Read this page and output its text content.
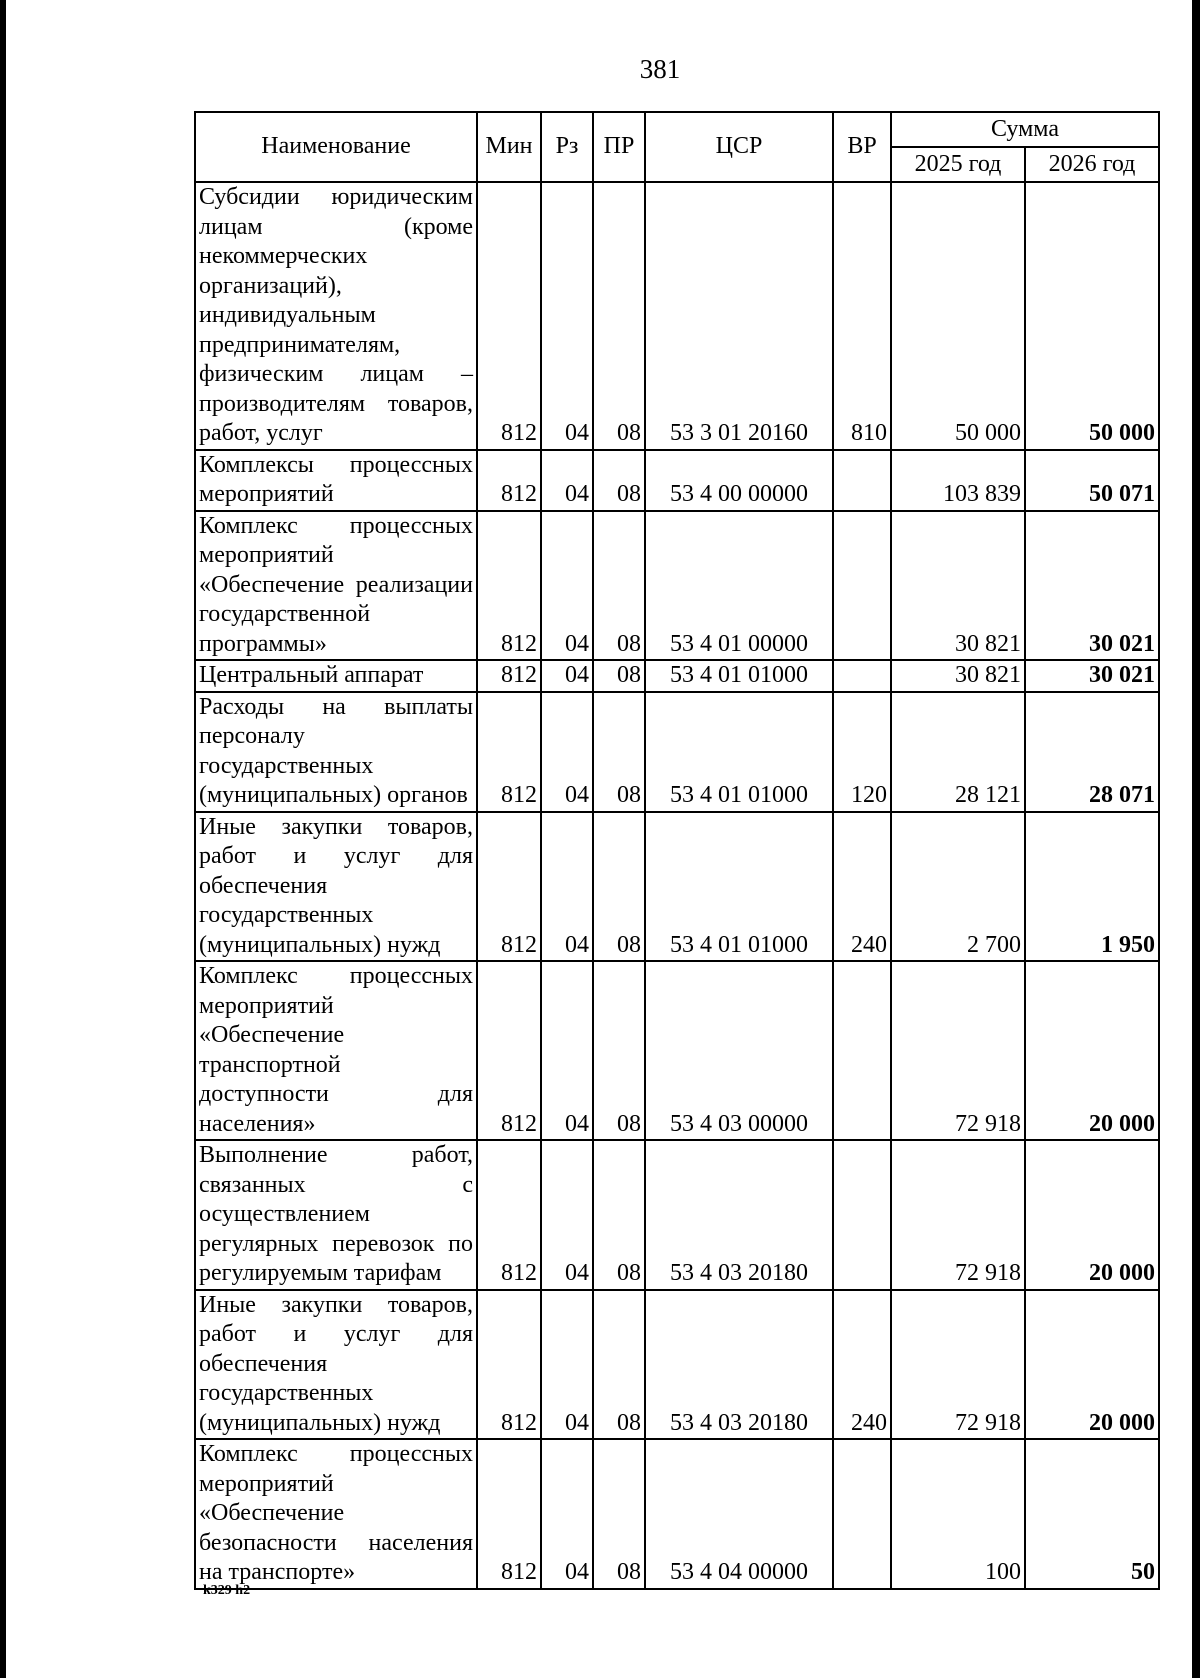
381
Наименование	Мин	Рз	ПР	ЦСР	ВР	Сумма	
						2025 год	2026 год
Субсидии юридическим лицам (кроме некоммерческих организаций), индивидуальным предпринимателям, физическим лицам – производителям товаров, работ, услуг	812	04	08	53 3 01 20160	810	50 000	50 000
Комплексы процессных мероприятий	812	04	08	53 4 00 00000		103 839	50 071
Комплекс процессных мероприятий «Обеспечение реализации государственной программы»	812	04	08	53 4 01 00000		30 821	30 021
Центральный аппарат	812	04	08	53 4 01 01000		30 821	30 021
Расходы на выплаты персоналу государственных (муниципальных) органов	812	04	08	53 4 01 01000	120	28 121	28 071
Иные закупки товаров, работ и услуг для обеспечения государственных (муниципальных) нужд	812	04	08	53 4 01 01000	240	2 700	1 950
Комплекс процессных мероприятий «Обеспечение транспортной доступности для населения»	812	04	08	53 4 03 00000		72 918	20 000
Выполнение работ, связанных с осуществлением регулярных перевозок по регулируемым тарифам	812	04	08	53 4 03 20180		72 918	20 000
Иные закупки товаров, работ и услуг для обеспечения государственных (муниципальных) нужд	812	04	08	53 4 03 20180	240	72 918	20 000
Комплекс процессных мероприятий «Обеспечение безопасности населения на транспорте»	812	04	08	53 4 04 00000		100	50
k329 h2
